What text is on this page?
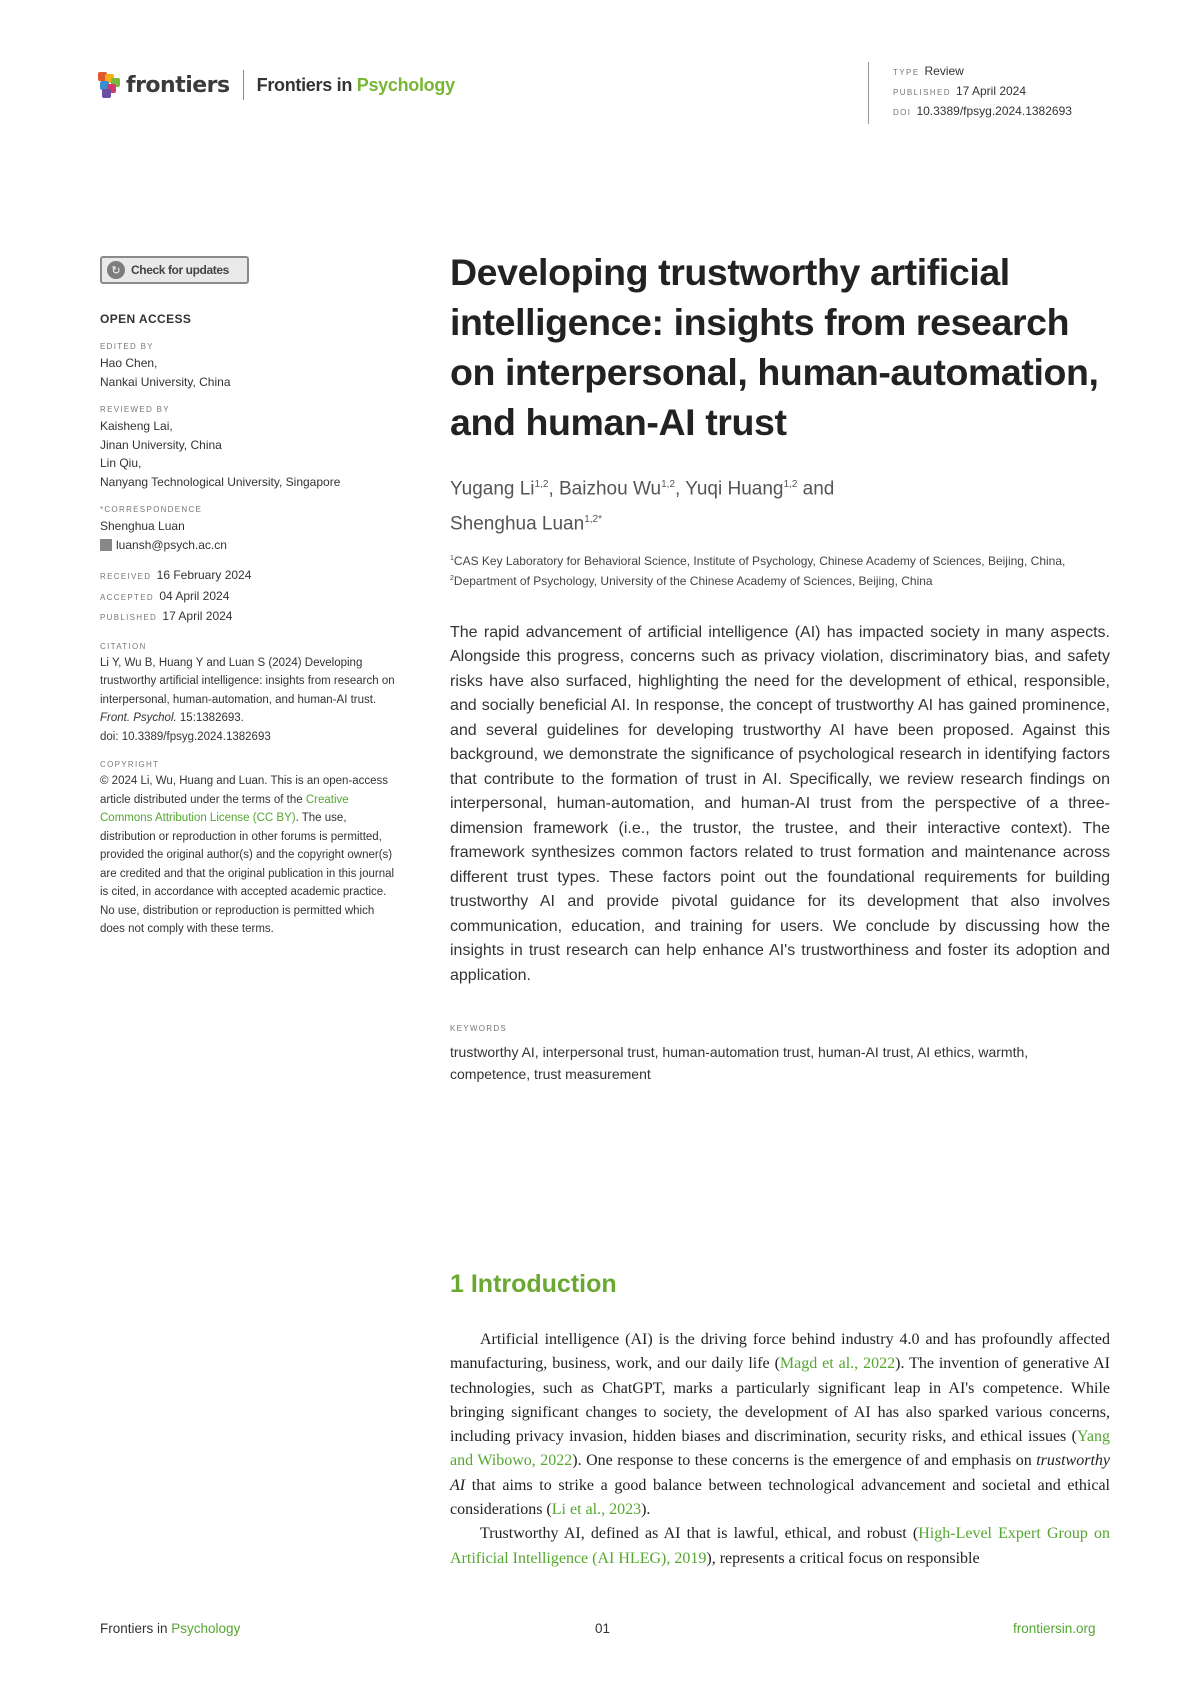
frontiers Frontiers in Psychology
TYPE Review
PUBLISHED 17 April 2024
DOI 10.3389/fpsyg.2024.1382693
↻ Check for updates
OPEN ACCESS
EDITED BY
Hao Chen,
Nankai University, China
REVIEWED BY
Kaisheng Lai,
Jinan University, China
Lin Qiu,
Nanyang Technological University, Singapore
*CORRESPONDENCE
Shenghua Luan
luansh@psych.ac.cn
RECEIVED 16 February 2024
ACCEPTED 04 April 2024
PUBLISHED 17 April 2024
CITATION
Li Y, Wu B, Huang Y and Luan S (2024) Developing trustworthy artificial intelligence: insights from research on interpersonal, human-automation, and human-AI trust. Front. Psychol. 15:1382693.
doi: 10.3389/fpsyg.2024.1382693
COPYRIGHT
© 2024 Li, Wu, Huang and Luan. This is an open-access article distributed under the terms of the Creative Commons Attribution License (CC BY). The use, distribution or reproduction in other forums is permitted, provided the original author(s) and the copyright owner(s) are credited and that the original publication in this journal is cited, in accordance with accepted academic practice. No use, distribution or reproduction is permitted which does not comply with these terms.
Developing trustworthy artificial intelligence: insights from research on interpersonal, human-automation, and human-AI trust
Yugang Li$^{1,2}$, Baizhou Wu$^{1,2}$, Yuqi Huang$^{1,2}$ and
Shenghua Luan$^{1,2*}$
$^1$CAS Key Laboratory for Behavioral Science, Institute of Psychology, Chinese Academy of Sciences, Beijing, China, $^2$Department of Psychology, University of the Chinese Academy of Sciences, Beijing, China

The rapid advancement of artificial intelligence (AI) has impacted society in many aspects. Alongside this progress, concerns such as privacy violation, discriminatory bias, and safety risks have also surfaced, highlighting the need for the development of ethical, responsible, and socially beneficial AI. In response, the concept of trustworthy AI has gained prominence, and several guidelines for developing trustworthy AI have been proposed. Against this background, we demonstrate the significance of psychological research in identifying factors that contribute to the formation of trust in AI. Specifically, we review research findings on interpersonal, human-automation, and human-AI trust from the perspective of a three-dimension framework (i.e., the trustor, the trustee, and their interactive context). The framework synthesizes common factors related to trust formation and maintenance across different trust types. These factors point out the foundational requirements for building trustworthy AI and provide pivotal guidance for its development that also involves communication, education, and training for users. We conclude by discussing how the insights in trust research can help enhance AI's trustworthiness and foster its adoption and application.

KEYWORDS
trustworthy AI, interpersonal trust, human-automation trust, human-AI trust, AI ethics, warmth, competence, trust measurement
1 Introduction

Artificial intelligence (AI) is the driving force behind industry 4.0 and has profoundly affected manufacturing, business, work, and our daily life (Magd et al., 2022). The invention of generative AI technologies, such as ChatGPT, marks a particularly significant leap in AI's competence. While bringing significant changes to society, the development of AI has also sparked various concerns, including privacy invasion, hidden biases and discrimination, security risks, and ethical issues (Yang and Wibowo, 2022). One response to these concerns is the emergence of and emphasis on trustworthy AI that aims to strike a good balance between technological advancement and societal and ethical considerations (Li et al., 2023).

Trustworthy AI, defined as AI that is lawful, ethical, and robust (High-Level Expert Group on Artificial Intelligence (AI HLEG), 2019), represents a critical focus on responsible

Frontiers in Psychology	01	frontiersin.org
